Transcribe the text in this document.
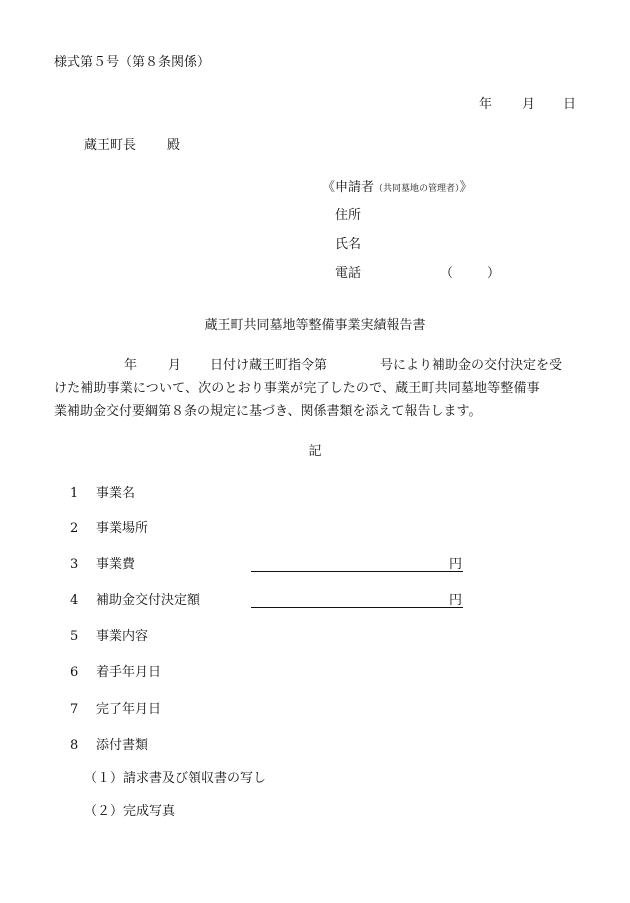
様式第５号（第８条関係）
年 月 日
蔵王町長 殿
《申請者（共同墓地の管理者）》
住所
氏名
電話	（	）
蔵王町共同墓地等整備事業実績報告書
年 月 日付け蔵王町指令第	号により補助金の交付決定を受
けた補助事業について、次のとおり事業が完了したので、蔵王町共同墓地等整備事
業補助金交付要綱第８条の規定に基づき、関係書類を添えて報告します。
記
1 事業名
2 事業場所
3 事業費	円
4 補助金交付決定額	円
5 事業内容
6 着手年月日
7 完了年月日
8 添付書類
（１）請求書及び領収書の写し
（２）完成写真
